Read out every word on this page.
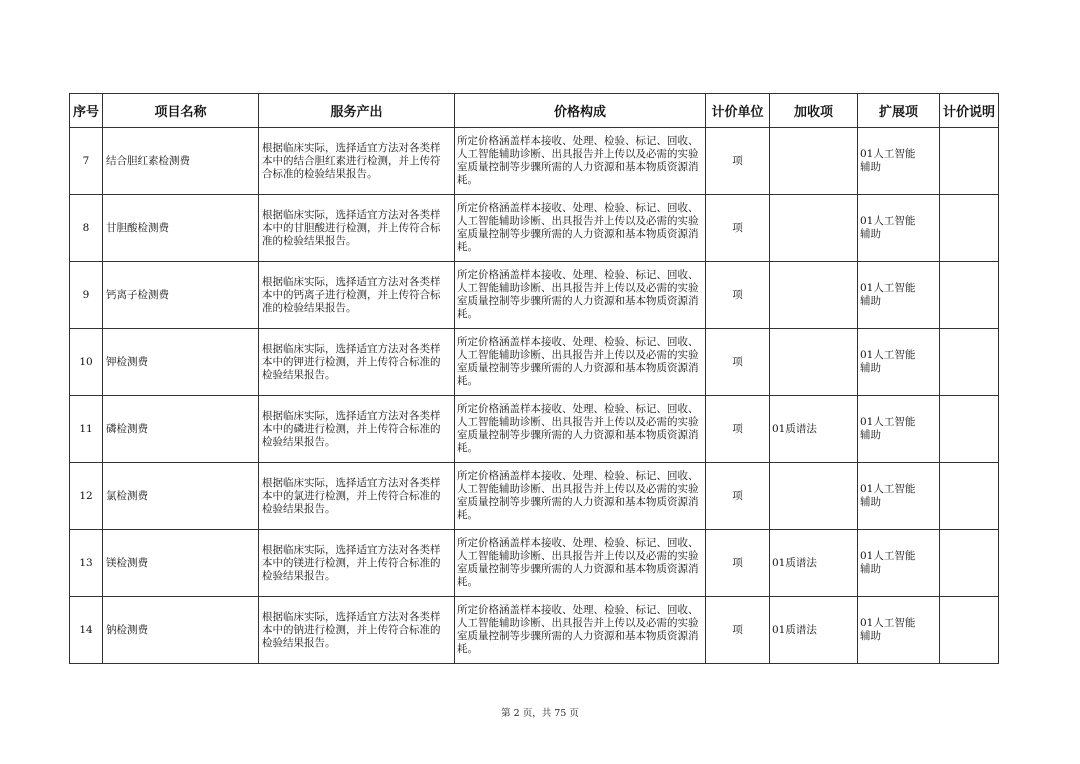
序号	项目名称	服务产出	价格构成	计价单位	加收项	扩展项	计价说明
7	结合胆红素检测费	根据临床实际，选择适宜方法对各类样本中的结合胆红素进行检测，并上传符合标准的检验结果报告。	所定价格涵盖样本接收、处理、检验、标记、回收、人工智能辅助诊断、出具报告并上传以及必需的实验室质量控制等步骤所需的人力资源和基本物质资源消耗。	项		01人工智能辅助	
8	甘胆酸检测费	根据临床实际，选择适宜方法对各类样本中的甘胆酸进行检测，并上传符合标准的检验结果报告。	所定价格涵盖样本接收、处理、检验、标记、回收、人工智能辅助诊断、出具报告并上传以及必需的实验室质量控制等步骤所需的人力资源和基本物质资源消耗。	项		01人工智能辅助	
9	钙离子检测费	根据临床实际，选择适宜方法对各类样本中的钙离子进行检测，并上传符合标准的检验结果报告。	所定价格涵盖样本接收、处理、检验、标记、回收、人工智能辅助诊断、出具报告并上传以及必需的实验室质量控制等步骤所需的人力资源和基本物质资源消耗。	项		01人工智能辅助	
10	钾检测费	根据临床实际，选择适宜方法对各类样本中的钾进行检测，并上传符合标准的检验结果报告。	所定价格涵盖样本接收、处理、检验、标记、回收、人工智能辅助诊断、出具报告并上传以及必需的实验室质量控制等步骤所需的人力资源和基本物质资源消耗。	项		01人工智能辅助	
11	磷检测费	根据临床实际，选择适宜方法对各类样本中的磷进行检测，并上传符合标准的检验结果报告。	所定价格涵盖样本接收、处理、检验、标记、回收、人工智能辅助诊断、出具报告并上传以及必需的实验室质量控制等步骤所需的人力资源和基本物质资源消耗。	项	01质谱法	01人工智能辅助	
12	氯检测费	根据临床实际，选择适宜方法对各类样本中的氯进行检测，并上传符合标准的检验结果报告。	所定价格涵盖样本接收、处理、检验、标记、回收、人工智能辅助诊断、出具报告并上传以及必需的实验室质量控制等步骤所需的人力资源和基本物质资源消耗。	项		01人工智能辅助	
13	镁检测费	根据临床实际，选择适宜方法对各类样本中的镁进行检测，并上传符合标准的检验结果报告。	所定价格涵盖样本接收、处理、检验、标记、回收、人工智能辅助诊断、出具报告并上传以及必需的实验室质量控制等步骤所需的人力资源和基本物质资源消耗。	项	01质谱法	01人工智能辅助	
14	钠检测费	根据临床实际，选择适宜方法对各类样本中的钠进行检测，并上传符合标准的检验结果报告。	所定价格涵盖样本接收、处理、检验、标记、回收、人工智能辅助诊断、出具报告并上传以及必需的实验室质量控制等步骤所需的人力资源和基本物质资源消耗。	项	01质谱法	01人工智能辅助	
第 2 页，共 75 页
